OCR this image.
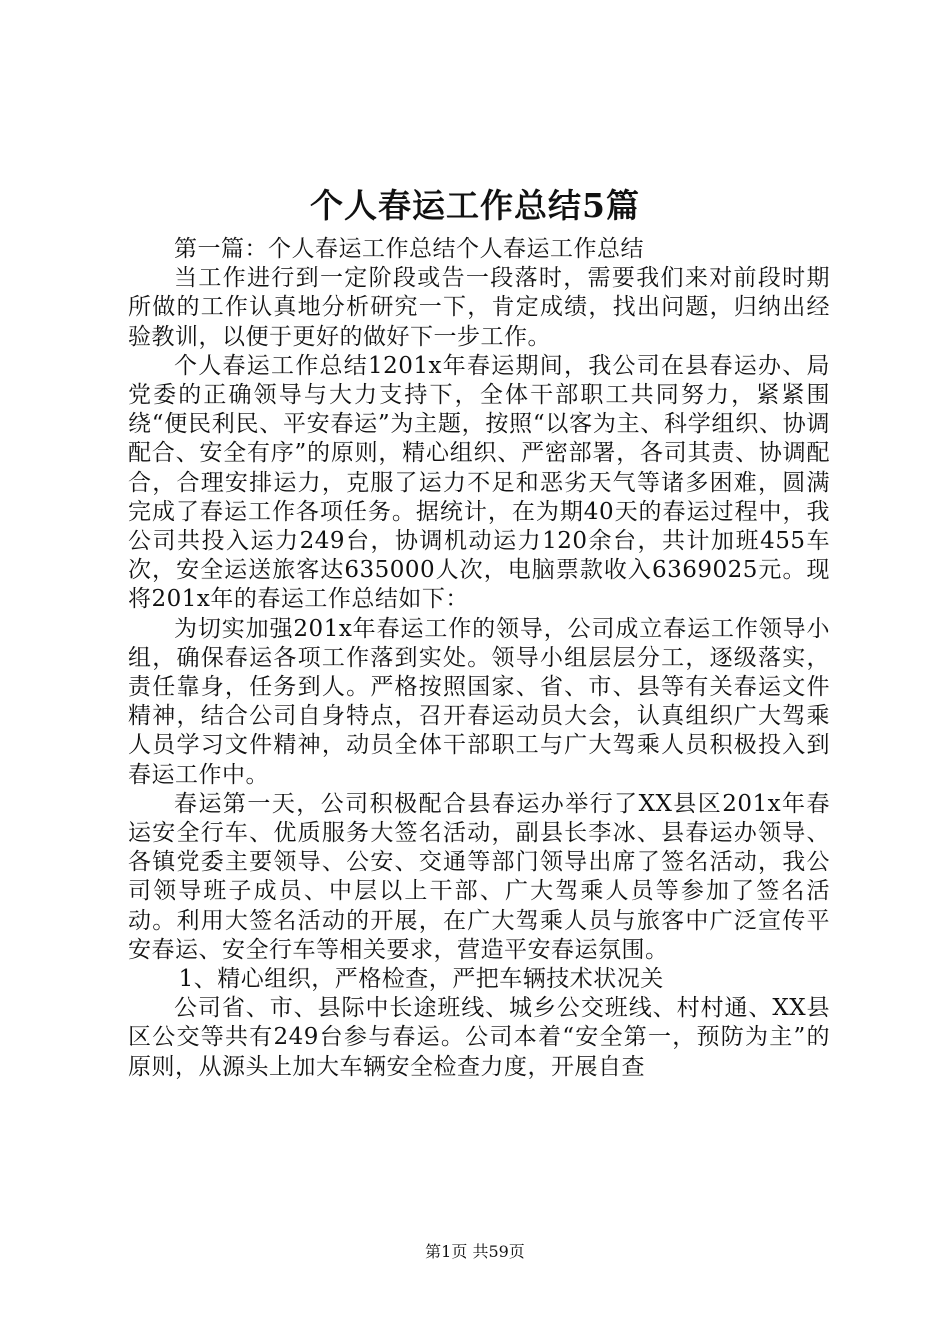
个人春运工作总结5篇

第一篇：个人春运工作总结个人春运工作总结

当工作进行到一定阶段或告一段落时，需要我们来对前段时期所做的工作认真地分析研究一下，肯定成绩，找出问题，归纳出经验教训，以便于更好的做好下一步工作。

个人春运工作总结1201x年春运期间，我公司在县春运办、局党委的正确领导与大力支持下，全体干部职工共同努力，紧紧围绕“便民利民、平安春运”为主题，按照“以客为主、科学组织、协调配合、安全有序”的原则，精心组织、严密部署，各司其责、协调配合，合理安排运力，克服了运力不足和恶劣天气等诸多困难，圆满完成了春运工作各项任务。据统计，在为期40天的春运过程中，我公司共投入运力249台，协调机动运力120余台，共计加班455车次，安全运送旅客达635000人次，电脑票款收入6369025元。现将201x年的春运工作总结如下：

为切实加强201x年春运工作的领导，公司成立春运工作领导小组，确保春运各项工作落到实处。领导小组层层分工，逐级落实，责任靠身，任务到人。严格按照国家、省、市、县等有关春运文件精神，结合公司自身特点，召开春运动员大会，认真组织广大驾乘人员学习文件精神，动员全体干部职工与广大驾乘人员积极投入到春运工作中。

春运第一天，公司积极配合县春运办举行了XX县区201x年春运安全行车、优质服务大签名活动，副县长李冰、县春运办领导、各镇党委主要领导、公安、交通等部门领导出席了签名活动，我公司领导班子成员、中层以上干部、广大驾乘人员等参加了签名活动。利用大签名活动的开展，在广大驾乘人员与旅客中广泛宣传平安春运、安全行车等相关要求，营造平安春运氛围。

1、精心组织，严格检查，严把车辆技术状况关

公司省、市、县际中长途班线、城乡公交班线、村村通、XX县区公交等共有249台参与春运。公司本着“安全第一，预防为主”的原则，从源头上加大车辆安全检查力度，开展自查

第1页 共59页
